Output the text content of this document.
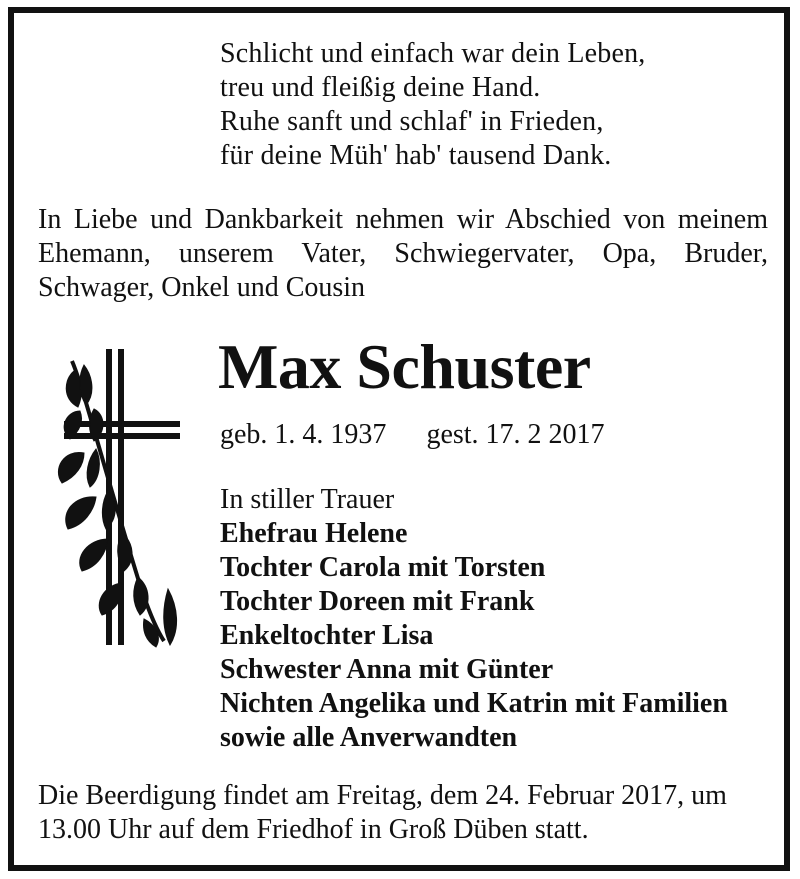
Schlicht und einfach war dein Leben,
treu und fleißig deine Hand.
Ruhe sanft und schlaf' in Frieden,
für deine Müh' hab' tausend Dank.
In Liebe und Dankbarkeit nehmen wir Abschied von meinem Ehemann, unserem Vater, Schwiegervater, Opa, Bruder, Schwager, Onkel und Cousin
Max Schuster
geb. 1. 4. 1937 gest. 17. 2 2017
In stiller Trauer
Ehefrau Helene
Tochter Carola mit Torsten
Tochter Doreen mit Frank
Enkeltochter Lisa
Schwester Anna mit Günter
Nichten Angelika und Katrin mit Familien
sowie alle Anverwandten
Die Beerdigung findet am Freitag, dem 24. Februar 2017, um 13.00 Uhr auf dem Friedhof in Groß Düben statt.
